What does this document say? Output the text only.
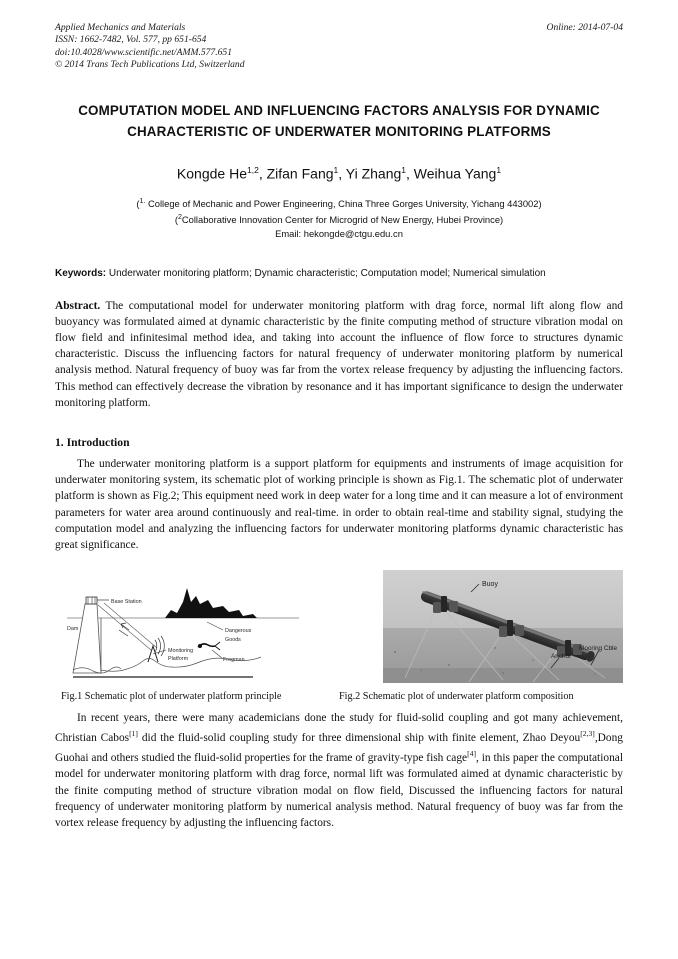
Applied Mechanics and Materials
ISSN: 1662-7482, Vol. 577, pp 651-654
doi:10.4028/www.scientific.net/AMM.577.651
© 2014 Trans Tech Publications Ltd, Switzerland
Online: 2014-07-04
COMPUTATION MODEL AND INFLUENCING FACTORS ANALYSIS FOR DYNAMIC CHARACTERISTIC OF UNDERWATER MONITORING PLATFORMS
Kongde He$^{1,2}$, Zifan Fang$^1$, Yi Zhang$^1$, Weihua Yang$^1$
($^{1.}$ College of Mechanic and Power Engineering, China Three Gorges University, Yichang 443002)
($^2$Collaborative Innovation Center for Microgrid of New Energy, Hubei Province)
Email: hekongde@ctgu.edu.cn
Keywords: Underwater monitoring platform; Dynamic characteristic; Computation model; Numerical simulation
Abstract. The computational model for underwater monitoring platform with drag force, normal lift along flow and buoyancy was formulated aimed at dynamic characteristic by the finite computing method of structure vibration modal on flow field and infinitesimal method idea, and taking into account the influence of flow force to structures dynamic characteristic. Discuss the influencing factors for natural frequency of underwater monitoring platform by numerical analysis method. Natural frequency of buoy was far from the vortex release frequency by adjusting the influencing factors. This method can effectively decrease the vibration by resonance and it has important significance to design the underwater monitoring platform.
1. Introduction

The underwater monitoring platform is a support platform for equipments and instruments of image acquisition for underwater monitoring system, its schematic plot of working principle is shown as Fig.1. The schematic plot of underwater platform is shown as Fig.2; This equipment need work in deep water for a long time and it can measure a lot of environment parameters for water area around continuously and real-time. in order to obtain real-time and stability signal, studying the computation model and analyzing the influencing factors for underwater monitoring platforms dynamic characteristic has great significance.

Base Station
Dam
Monitoring
Platform
Dangerous
Goods
Frogman
Buoy
Mooring Cble
Anchor
Fig.1 Schematic plot of underwater platform principle	Fig.2 Schematic plot of underwater platform composition

In recent years, there were many academicians done the study for fluid-solid coupling and got many achievement, Christian Cabos[1] did the fluid-solid coupling study for three dimensional ship with finite element, Zhao Deyou[2,3],Dong Guohai and others studied the fluid-solid properties for the frame of gravity-type fish cage[4], in this paper the computational model for underwater monitoring platform with drag force, normal lift was formulated aimed at dynamic characteristic by the finite computing method of structure vibration modal on flow field, Discussed the influencing factors for natural frequency of underwater monitoring platform by numerical analysis method. Natural frequency of buoy was far from the vortex release frequency by adjusting the influencing factors.
